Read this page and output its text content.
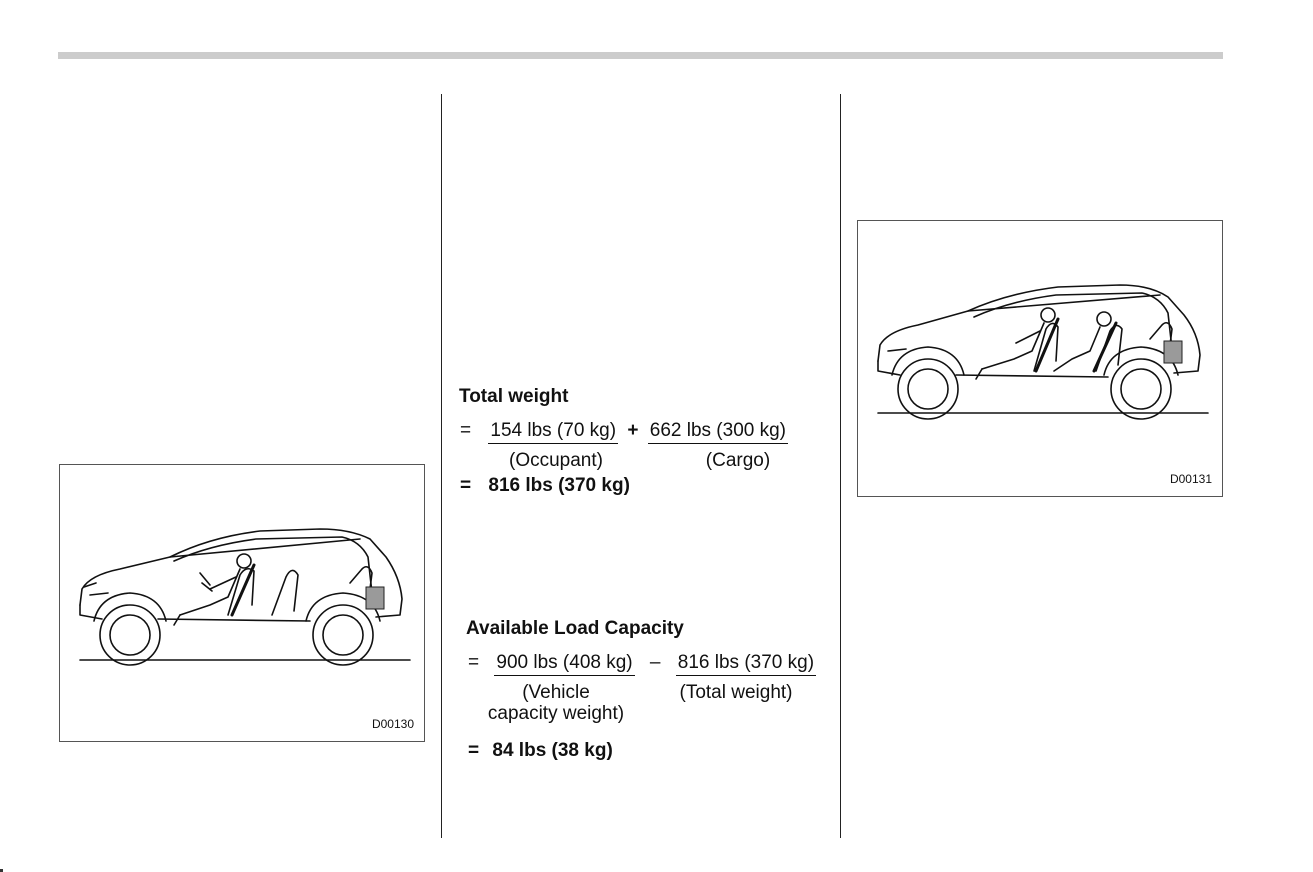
D00130
D00131
Total weight
= 154 lbs (70 kg) + 662 lbs (300 kg)
(Occupant)	(Cargo)
= 816 lbs (370 kg)
Available Load Capacity
= 900 lbs (408 kg) – 816 lbs (370 kg)
(Vehicle
capacity weight)
(Total weight)
= 84 lbs (38 kg)
